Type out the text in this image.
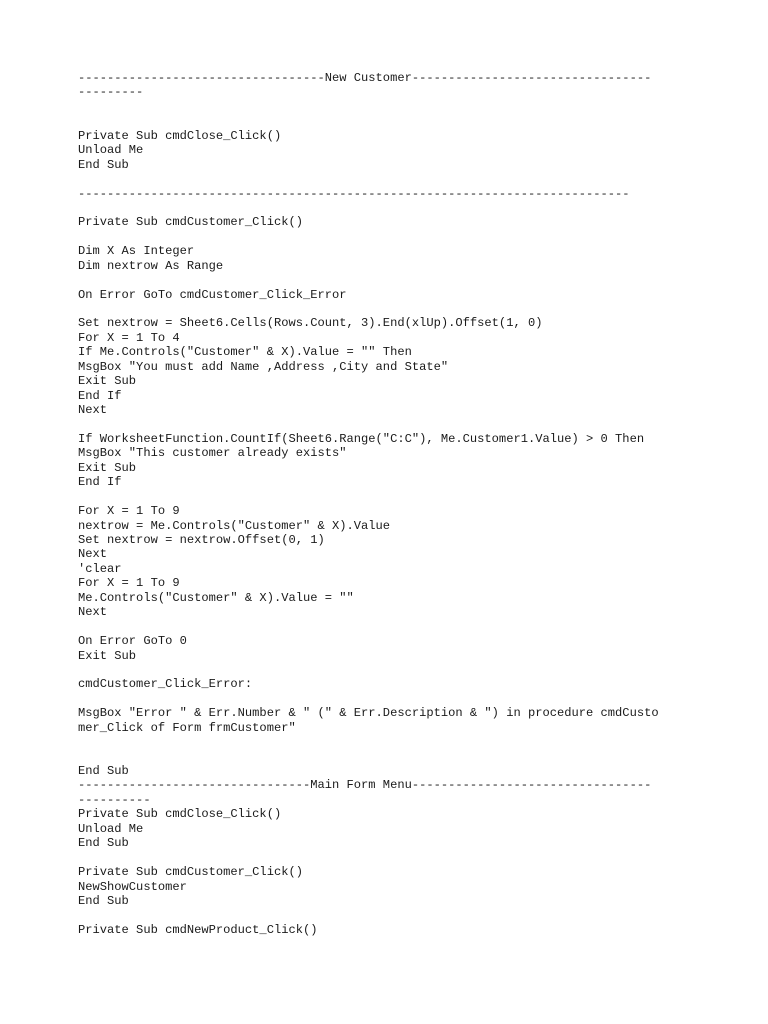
----------------------------------New Customer---------------------------------
---------
Private Sub cmdClose_Click()
Unload Me
End Sub
----------------------------------------------------------------------------
Private Sub cmdCustomer_Click()
Dim X As Integer
Dim nextrow As Range
On Error GoTo cmdCustomer_Click_Error
Set nextrow = Sheet6.Cells(Rows.Count, 3).End(xlUp).Offset(1, 0)
For X = 1 To 4
If Me.Controls("Customer" & X).Value = "" Then
MsgBox "You must add Name ,Address ,City and State"
Exit Sub
End If
Next
If WorksheetFunction.CountIf(Sheet6.Range("C:C"), Me.Customer1.Value) > 0 Then
MsgBox "This customer already exists"
Exit Sub
End If
For X = 1 To 9
nextrow = Me.Controls("Customer" & X).Value
Set nextrow = nextrow.Offset(0, 1)
Next
'clear
For X = 1 To 9
Me.Controls("Customer" & X).Value = ""
Next
On Error GoTo 0
Exit Sub
cmdCustomer_Click_Error:
MsgBox "Error " & Err.Number & " (" & Err.Description & ") in procedure cmdCusto
mer_Click of Form frmCustomer"
End Sub
--------------------------------Main Form Menu---------------------------------
----------
Private Sub cmdClose_Click()
Unload Me
End Sub
Private Sub cmdCustomer_Click()
NewShowCustomer
End Sub
Private Sub cmdNewProduct_Click()
